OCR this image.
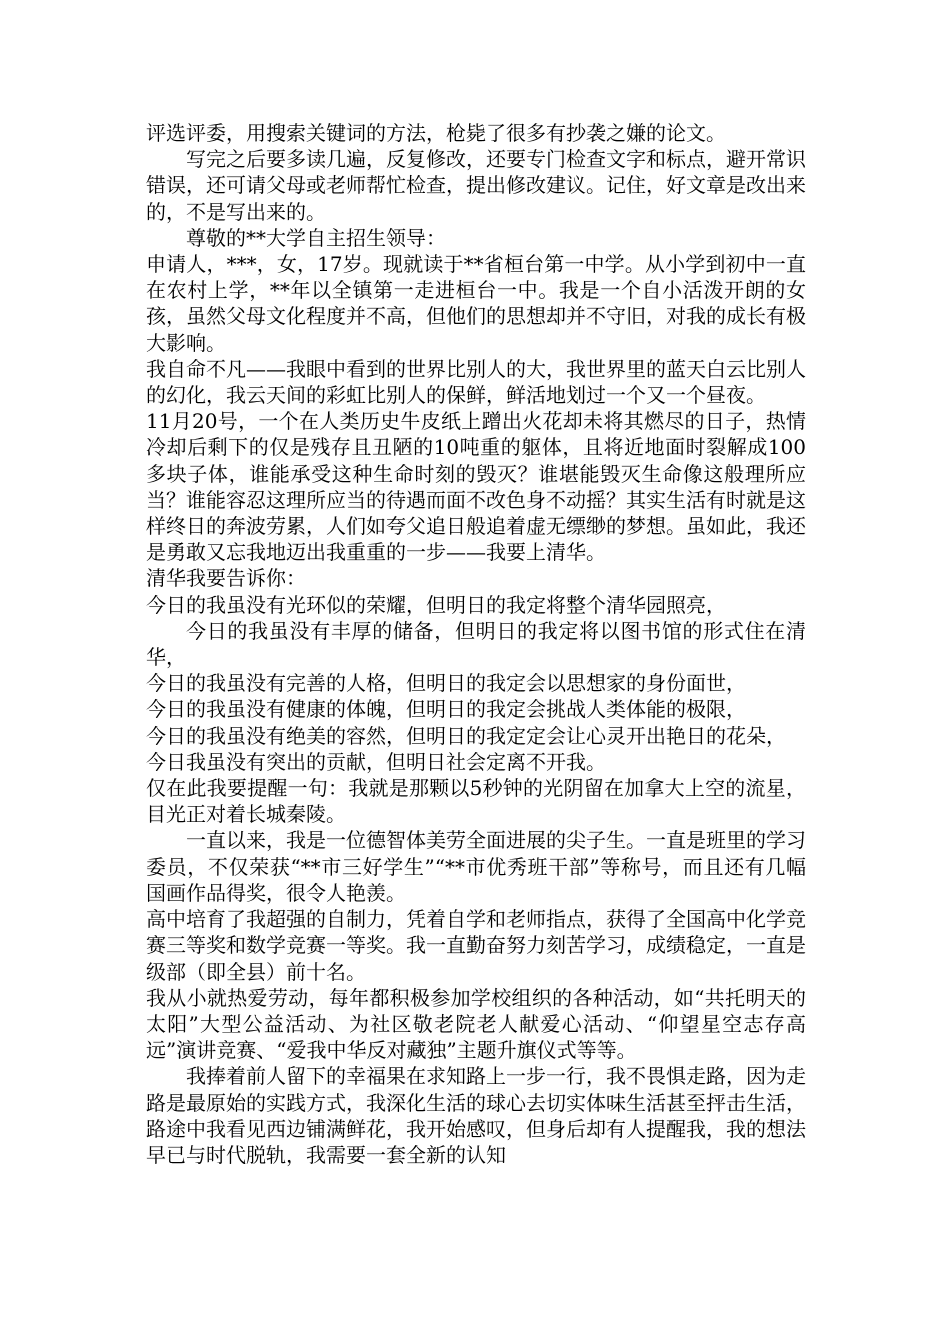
评选评委，用搜索关键词的方法，枪毙了很多有抄袭之嫌的论文。

写完之后要多读几遍，反复修改，还要专门检查文字和标点，避开常识错误，还可请父母或老师帮忙检查，提出修改建议。记住，好文章是改出来的，不是写出来的。

尊敬的**大学自主招生领导：

申请人，***，女，17岁。现就读于**省桓台第一中学。从小学到初中一直在农村上学，**年以全镇第一走进桓台一中。我是一个自小活泼开朗的女孩，虽然父母文化程度并不高，但他们的思想却并不守旧，对我的成长有极大影响。

我自命不凡——我眼中看到的世界比别人的大，我世界里的蓝天白云比别人的幻化，我云天间的彩虹比别人的保鲜，鲜活地划过一个又一个昼夜。

11月20号，一个在人类历史牛皮纸上蹭出火花却未将其燃尽的日子，热情冷却后剩下的仅是残存且丑陋的10吨重的躯体，且将近地面时裂解成100多块子体，谁能承受这种生命时刻的毁灭？谁堪能毁灭生命像这般理所应当？谁能容忍这理所应当的待遇而面不改色身不动摇？其实生活有时就是这样终日的奔波劳累，人们如夸父追日般追着虚无缥缈的梦想。虽如此，我还是勇敢又忘我地迈出我重重的一步——我要上清华。

清华我要告诉你：

今日的我虽没有光环似的荣耀，但明日的我定将整个清华园照亮，

今日的我虽没有丰厚的储备，但明日的我定将以图书馆的形式住在清华，

今日的我虽没有完善的人格，但明日的我定会以思想家的身份面世，

今日的我虽没有健康的体魄，但明日的我定会挑战人类体能的极限，

今日的我虽没有绝美的容然，但明日的我定定会让心灵开出艳日的花朵，

今日我虽没有突出的贡献，但明日社会定离不开我。

仅在此我要提醒一句：我就是那颗以5秒钟的光阴留在加拿大上空的流星，目光正对着长城秦陵。

一直以来，我是一位德智体美劳全面进展的尖子生。一直是班里的学习委员，不仅荣获“**市三好学生”“**市优秀班干部”等称号，而且还有几幅国画作品得奖，很令人艳羡。

高中培育了我超强的自制力，凭着自学和老师指点，获得了全国高中化学竞赛三等奖和数学竞赛一等奖。我一直勤奋努力刻苦学习，成绩稳定，一直是级部（即全县）前十名。

我从小就热爱劳动，每年都积极参加学校组织的各种活动，如“共托明天的太阳”大型公益活动、为社区敬老院老人献爱心活动、“仰望星空志存高远”演讲竞赛、“爱我中华反对藏独”主题升旗仪式等等。

我捧着前人留下的幸福果在求知路上一步一行，我不畏惧走路，因为走路是最原始的实践方式，我深化生活的球心去切实体味生活甚至抨击生活，路途中我看见西边铺满鲜花，我开始感叹，但身后却有人提醒我，我的想法早已与时代脱轨，我需要一套全新的认知
